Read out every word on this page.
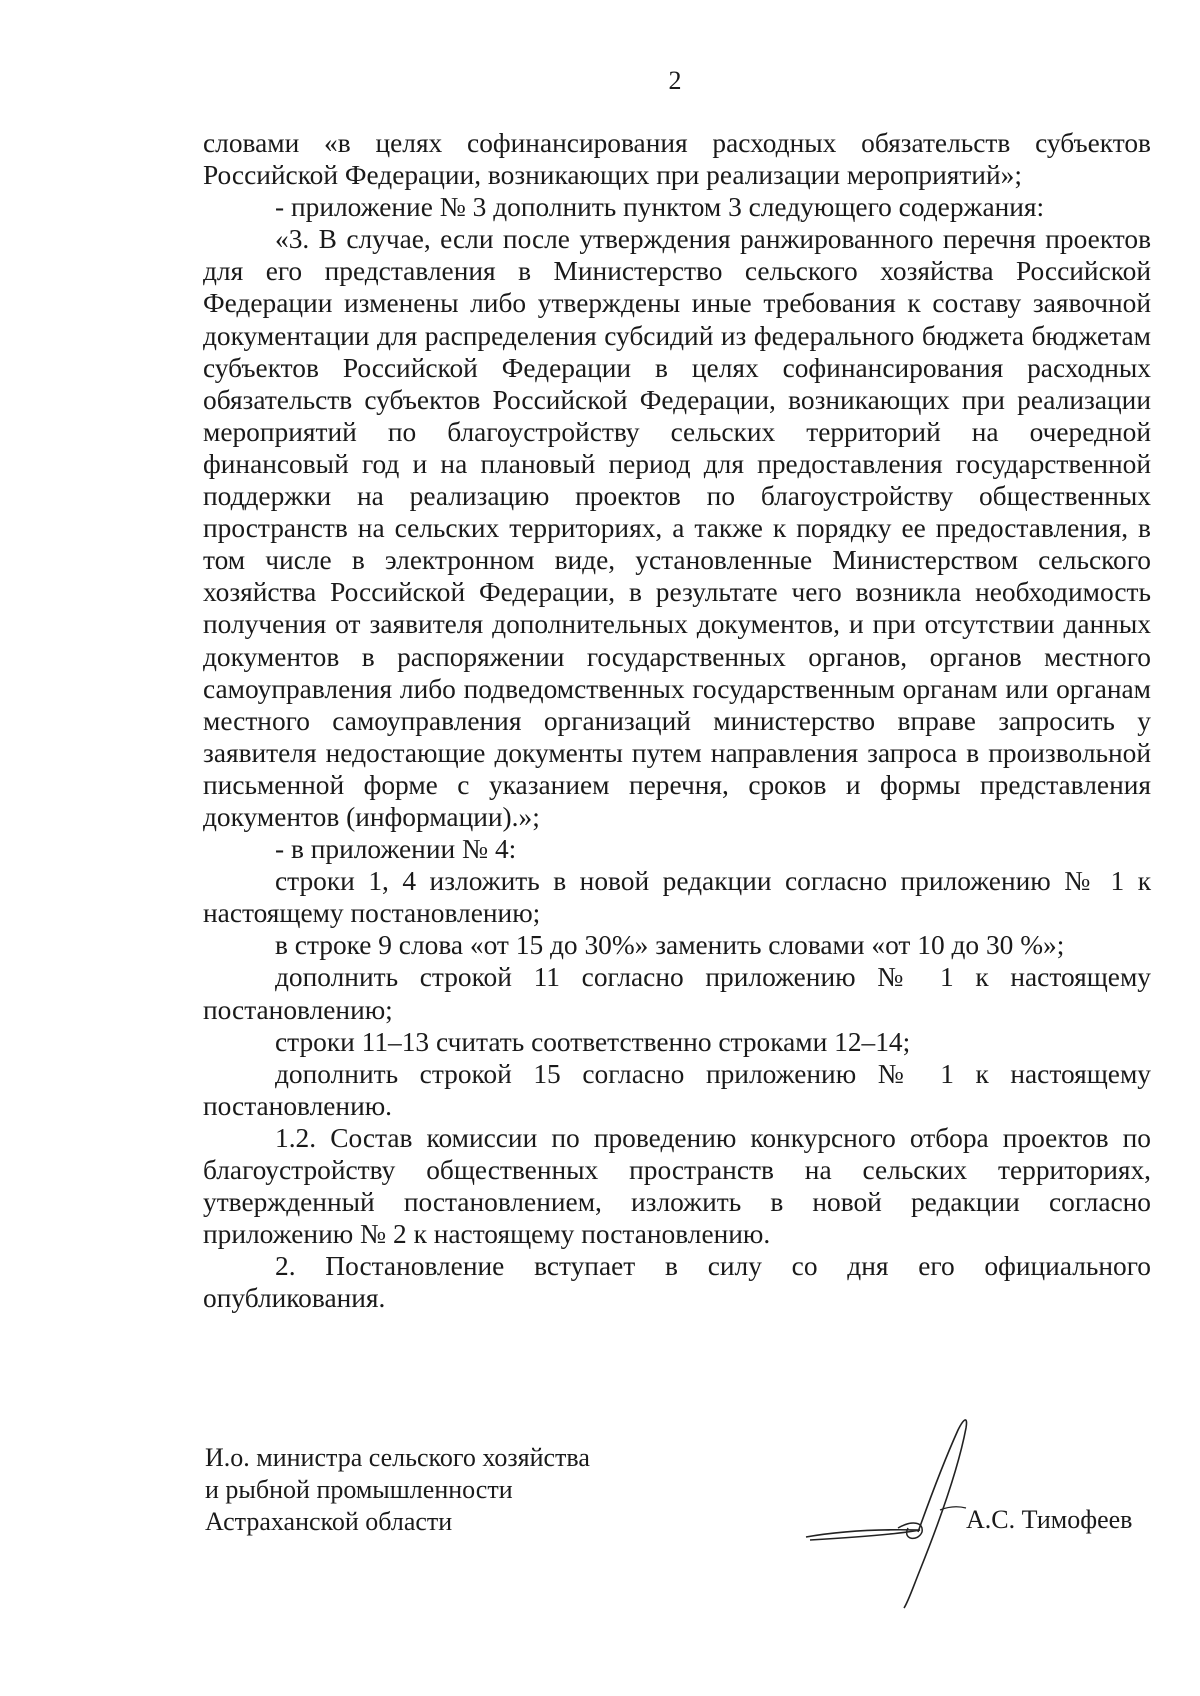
2

словами «в целях софинансирования расходных обязательств субъектов Российской Федерации, возникающих при реализации мероприятий»;

- приложение № 3 дополнить пунктом 3 следующего содержания:

«3. В случае, если после утверждения ранжированного перечня проектов для его представления в Министерство сельского хозяйства Российской Федерации изменены либо утверждены иные требования к составу заявочной документации для распределения субсидий из федерального бюджета бюджетам субъектов Российской Федерации в целях софинансирования расходных обязательств субъектов Российской Федерации, возникающих при реализации мероприятий по благоустройству сельских территорий на очередной финансовый год и на плановый период для предоставления государственной поддержки на реализацию проектов по благоустройству общественных пространств на сельских территориях, а также к порядку ее предоставления, в том числе в электронном виде, установленные Министерством сельского хозяйства Российской Федерации, в результате чего возникла необходимость получения от заявителя дополнительных документов, и при отсутствии данных документов в распоряжении государственных органов, органов местного самоуправления либо подведомственных государственным органам или органам местного самоуправления организаций министерство вправе запросить у заявителя недостающие документы путем направления запроса в произвольной письменной форме с указанием перечня, сроков и формы представления документов (информации).»;

- в приложении № 4:

строки 1, 4 изложить в новой редакции согласно приложению № 1 к настоящему постановлению;

в строке 9 слова «от 15 до 30%» заменить словами «от 10 до 30 %»;

дополнить строкой 11 согласно приложению № 1 к настоящему постановлению;

строки 11–13 считать соответственно строками 12–14;

дополнить строкой 15 согласно приложению № 1 к настоящему постановлению.

1.2. Состав комиссии по проведению конкурсного отбора проектов по благоустройству общественных пространств на сельских территориях, утвержденный постановлением, изложить в новой редакции согласно приложению № 2 к настоящему постановлению.

2. Постановление вступает в силу со дня его официального опубликования.

И.о. министра сельского хозяйства
и рыбной промышленности
Астраханской области	А.С. Тимофеев
